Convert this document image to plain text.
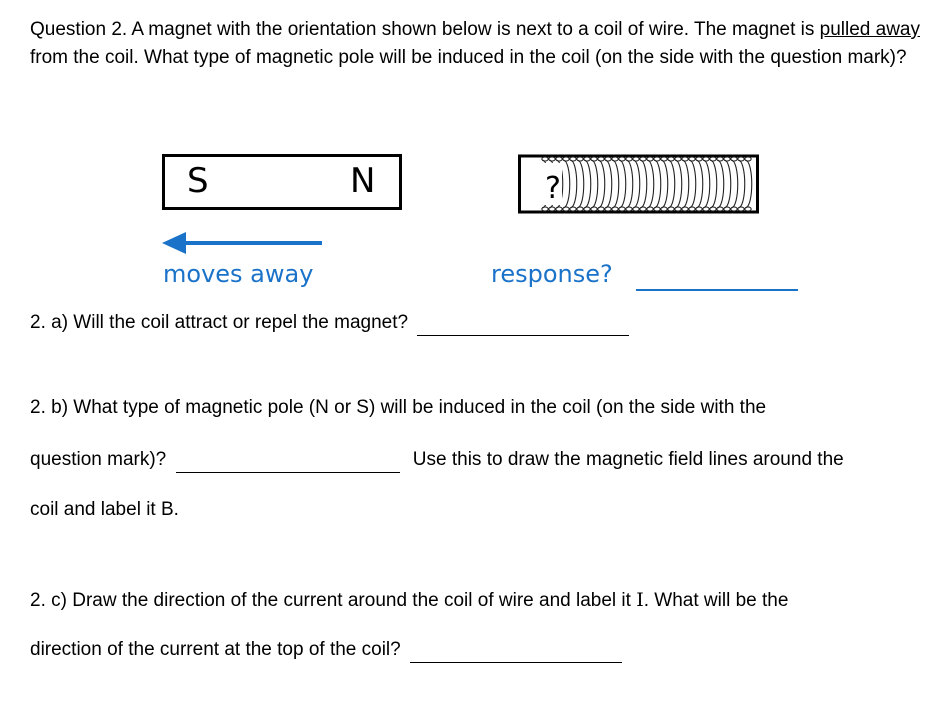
Question 2. A magnet with the orientation shown below is next to a coil of wire. The magnet is pulled away from the coil. What type of magnetic pole will be induced in the coil (on the side with the question mark)?
S	N	?
moves away	response?
2. a) Will the coil attract or repel the magnet?
2. b) What type of magnetic pole (N or S) will be induced in the coil (on the side with the
question mark)?	Use this to draw the magnetic field lines around the
coil and label it B.
2. c) Draw the direction of the current around the coil of wire and label it I. What will be the
direction of the current at the top of the coil?
